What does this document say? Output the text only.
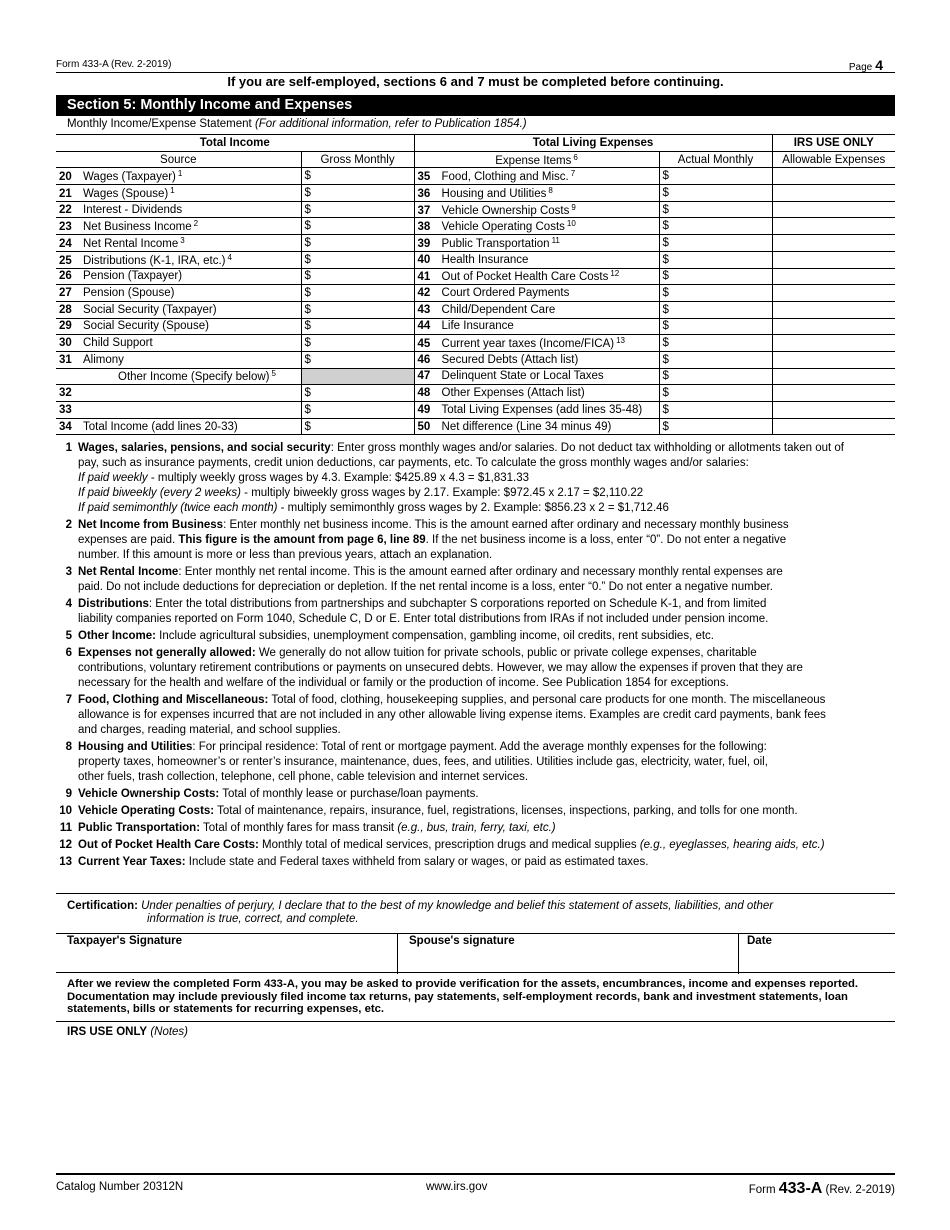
Form 433-A (Rev. 2-2019)	Page 4
If you are self-employed, sections 6 and 7 must be completed before continuing.
Section 5: Monthly Income and Expenses
Monthly Income/Expense Statement (For additional information, refer to Publication 1854.)
Total Income		Total Living Expenses		IRS USE ONLY
Source	Gross Monthly	Expense Items $^6$	Actual Monthly	Allowable Expenses
20 Wages (Taxpayer) $^1$	$	35 Food, Clothing and Misc. $^7$	$	
21 Wages (Spouse) $^1$	$	36 Housing and Utilities $^8$	$	
22 Interest - Dividends	$	37 Vehicle Ownership Costs $^9$	$	
23 Net Business Income $^2$	$	38 Vehicle Operating Costs $^{10}$	$	
24 Net Rental Income $^3$	$	39 Public Transportation $^{11}$	$	
25 Distributions (K-1, IRA, etc.) $^4$	$	40 Health Insurance	$	
26 Pension (Taxpayer)	$	41 Out of Pocket Health Care Costs $^{12}$	$	
27 Pension (Spouse)	$	42 Court Ordered Payments	$	
28 Social Security (Taxpayer)	$	43 Child/Dependent Care	$	
29 Social Security (Spouse)	$	44 Life Insurance	$	
30 Child Support	$	45 Current year taxes (Income/FICA) $^{13}$	$	
31 Alimony	$	46 Secured Debts (Attach list)	$	
Other Income (Specify below) $^5$		47 Delinquent State or Local Taxes	$	
32	$	48 Other Expenses (Attach list)	$	
33	$	49 Total Living Expenses (add lines 35-48)	$	
34 Total Income (add lines 20-33)	$	50 Net difference (Line 34 minus 49)	$	
1 Wages, salaries, pensions, and social security: Enter gross monthly wages and/or salaries. Do not deduct tax withholding or allotments taken out of
pay, such as insurance payments, credit union deductions, car payments, etc. To calculate the gross monthly wages and/or salaries:
If paid weekly - multiply weekly gross wages by 4.3. Example: $425.89 x 4.3 = $1,831.33
If paid biweekly (every 2 weeks) - multiply biweekly gross wages by 2.17. Example: $972.45 x 2.17 = $2,110.22
If paid semimonthly (twice each month) - multiply semimonthly gross wages by 2. Example: $856.23 x 2 = $1,712.46
2 Net Income from Business: Enter monthly net business income. This is the amount earned after ordinary and necessary monthly business
expenses are paid. This figure is the amount from page 6, line 89. If the net business income is a loss, enter “0”. Do not enter a negative
number. If this amount is more or less than previous years, attach an explanation.
3 Net Rental Income: Enter monthly net rental income. This is the amount earned after ordinary and necessary monthly rental expenses are
paid. Do not include deductions for depreciation or depletion. If the net rental income is a loss, enter “0.” Do not enter a negative number.
4 Distributions: Enter the total distributions from partnerships and subchapter S corporations reported on Schedule K-1, and from limited
liability companies reported on Form 1040, Schedule C, D or E. Enter total distributions from IRAs if not included under pension income.
5 Other Income: Include agricultural subsidies, unemployment compensation, gambling income, oil credits, rent subsidies, etc.
6 Expenses not generally allowed: We generally do not allow tuition for private schools, public or private college expenses, charitable
contributions, voluntary retirement contributions or payments on unsecured debts. However, we may allow the expenses if proven that they are
necessary for the health and welfare of the individual or family or the production of income. See Publication 1854 for exceptions.
7 Food, Clothing and Miscellaneous: Total of food, clothing, housekeeping supplies, and personal care products for one month. The miscellaneous
allowance is for expenses incurred that are not included in any other allowable living expense items. Examples are credit card payments, bank fees
and charges, reading material, and school supplies.
8 Housing and Utilities: For principal residence: Total of rent or mortgage payment. Add the average monthly expenses for the following:
property taxes, homeowner’s or renter’s insurance, maintenance, dues, fees, and utilities. Utilities include gas, electricity, water, fuel, oil,
other fuels, trash collection, telephone, cell phone, cable television and internet services.
9 Vehicle Ownership Costs: Total of monthly lease or purchase/loan payments.
10 Vehicle Operating Costs: Total of maintenance, repairs, insurance, fuel, registrations, licenses, inspections, parking, and tolls for one month.
11 Public Transportation: Total of monthly fares for mass transit (e.g., bus, train, ferry, taxi, etc.)
12 Out of Pocket Health Care Costs: Monthly total of medical services, prescription drugs and medical supplies (e.g., eyeglasses, hearing aids, etc.)
13 Current Year Taxes: Include state and Federal taxes withheld from salary or wages, or paid as estimated taxes.
Certification: Under penalties of perjury, I declare that to the best of my knowledge and belief this statement of assets, liabilities, and other
information is true, correct, and complete.
Taxpayer's Signature	Spouse's signature	Date
After we review the completed Form 433-A, you may be asked to provide verification for the assets, encumbrances, income and expenses reported. Documentation may include previously filed income tax returns, pay statements, self-employment records, bank and investment statements, loan statements, bills or statements for recurring expenses, etc.
IRS USE ONLY (Notes)
Catalog Number 20312N	www.irs.gov	Form 433-A (Rev. 2-2019)
